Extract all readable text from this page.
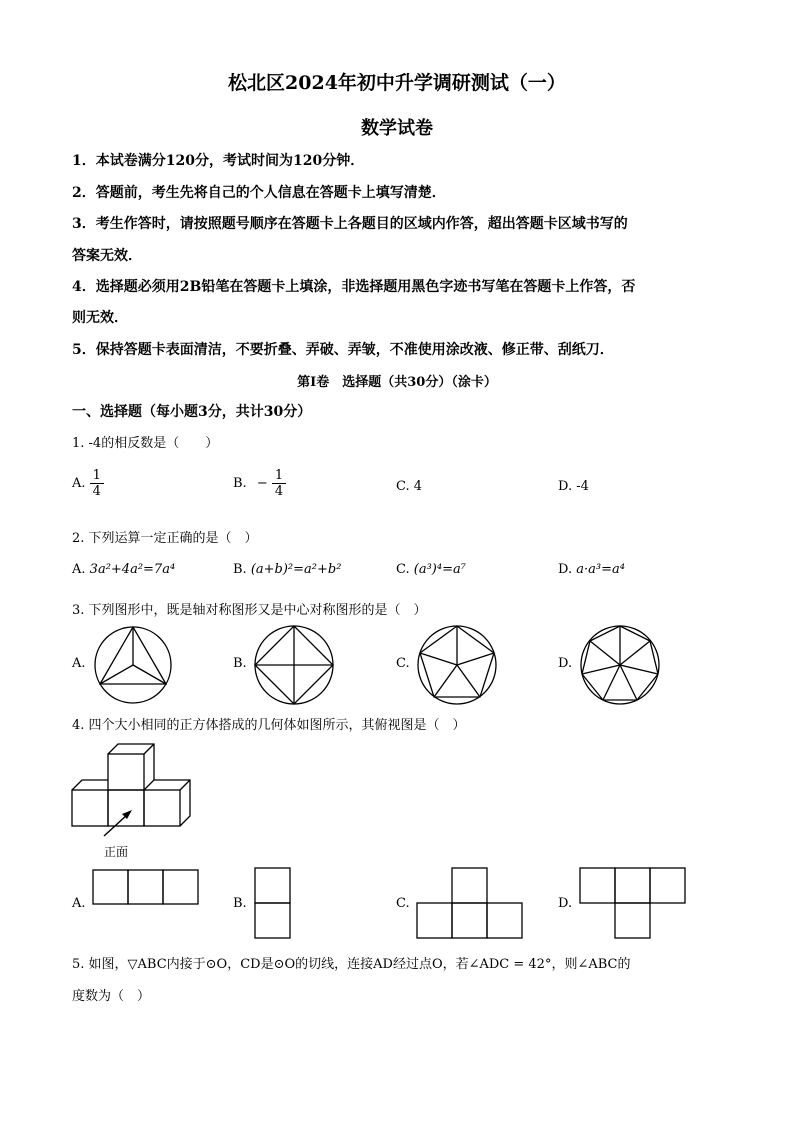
松北区2024年初中升学调研测试（一）
数学试卷
1．本试卷满分120分，考试时间为120分钟．
2．答题前，考生先将自己的个人信息在答题卡上填写清楚．
3．考生作答时，请按照题号顺序在答题卡上各题目的区域内作答，超出答题卡区域书写的
答案无效．
4．选择题必须用2B铅笔在答题卡上填涂，非选择题用黑色字迹书写笔在答题卡上作答，否
则无效．
5．保持答题卡表面清洁，不要折叠、弄破、弄皱，不准使用涂改液、修正带、刮纸刀．
第Ⅰ卷　选择题（共30分）（涂卡）
一、选择题（每小题3分，共计30分）
1. -4的相反数是（　　）
A. $\frac{1}{4}$	B. − $\frac{1}{4}$	C. 4	D. -4
2. 下列运算一定正确的是（　）
A. 3a²+4a²=7a⁴	B. (a+b)²=a²+b²	C. (a³)⁴=a⁷	D. a·a³=a⁴
3. 下列图形中，既是轴对称图形又是中心对称图形的是（　）
A.	B.	C.	D.
4. 四个大小相同的正方体搭成的几何体如图所示，其俯视图是（　）
正面
A.	B.	C.	D.
5. 如图，▽ABC内接于⊙O，CD是⊙O的切线，连接AD经过点O，若∠ADC = 42°，则∠ABC的
度数为（　）
